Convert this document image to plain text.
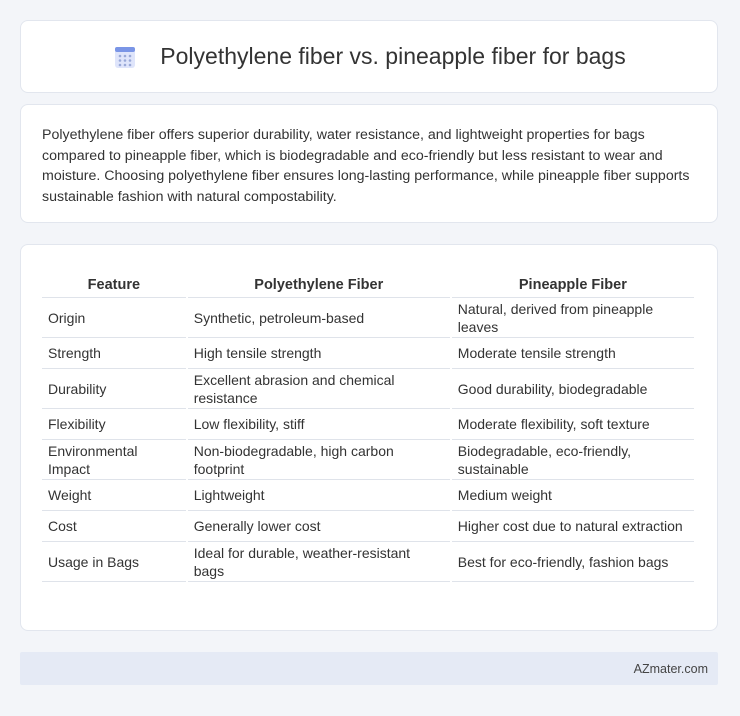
Polyethylene fiber vs. pineapple fiber for bags

Polyethylene fiber offers superior durability, water resistance, and lightweight properties for bags compared to pineapple fiber, which is biodegradable and eco-friendly but less resistant to wear and moisture. Choosing polyethylene fiber ensures long-lasting performance, while pineapple fiber supports sustainable fashion with natural compostability.

Feature	Polyethylene Fiber	Pineapple Fiber
Origin	Synthetic, petroleum-based	Natural, derived from pineapple leaves
Strength	High tensile strength	Moderate tensile strength
Durability	Excellent abrasion and chemical resistance	Good durability, biodegradable
Flexibility	Low flexibility, stiff	Moderate flexibility, soft texture
Environmental Impact	Non-biodegradable, high carbon footprint	Biodegradable, eco-friendly, sustainable
Weight	Lightweight	Medium weight
Cost	Generally lower cost	Higher cost due to natural extraction
Usage in Bags	Ideal for durable, weather-resistant bags	Best for eco-friendly, fashion bags
AZmater.com
